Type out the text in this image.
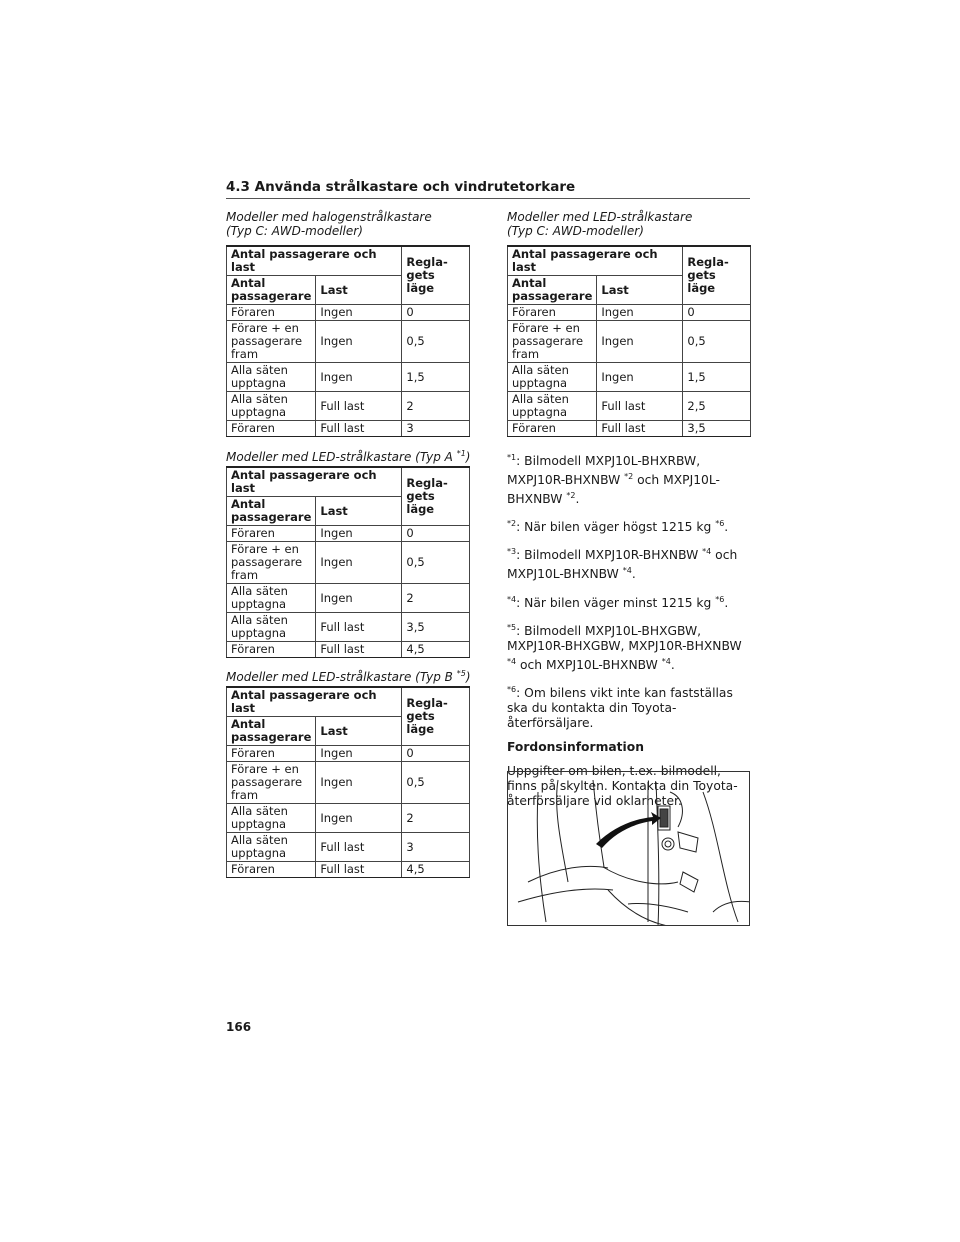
4.3 Använda strålkastare och vindrutetorkare
Modeller med halogenstrålkastare
(Typ C: AWD-modeller)
Antal passagerare och last		Regla-gets läge
Antal passagerare	Last	
Föraren	Ingen	0
Förare + en passagerare fram	Ingen	0,5
Alla säten upptagna	Ingen	1,5
Alla säten upptagna	Full last	2
Föraren	Full last	3
Modeller med LED-strålkastare (Typ A $^{*1}$)
Antal passagerare och last		Regla-gets läge
Antal passagerare	Last	
Föraren	Ingen	0
Förare + en passagerare fram	Ingen	0,5
Alla säten upptagna	Ingen	2
Alla säten upptagna	Full last	3,5
Föraren	Full last	4,5
Modeller med LED-strålkastare (Typ B $^{*5}$)
Antal passagerare och last		Regla-gets läge
Antal passagerare	Last	
Föraren	Ingen	0
Förare + en passagerare fram	Ingen	0,5
Alla säten upptagna	Ingen	2
Alla säten upptagna	Full last	3
Föraren	Full last	4,5
Modeller med LED-strålkastare
(Typ C: AWD-modeller)
Antal passagerare och last		Regla-gets läge
Antal passagerare	Last	
Föraren	Ingen	0
Förare + en passagerare fram	Ingen	0,5
Alla säten upptagna	Ingen	1,5
Alla säten upptagna	Full last	2,5
Föraren	Full last	3,5

$^{*1}$: Bilmodell MXPJ10L-BHXRBW, MXPJ10R-BHXNBW $^{*2}$ och MXPJ10L-BHXNBW $^{*2}$.

$^{*2}$: När bilen väger högst 1215 kg $^{*6}$.

$^{*3}$: Bilmodell MXPJ10R-BHXNBW $^{*4}$ och MXPJ10L-BHXNBW $^{*4}$.

$^{*4}$: När bilen väger minst 1215 kg $^{*6}$.

$^{*5}$: Bilmodell MXPJ10L-BHXGBW, MXPJ10R-BHXGBW, MXPJ10R-BHXNBW $^{*4}$ och MXPJ10L-BHXNBW $^{*4}$.

$^{*6}$: Om bilens vikt inte kan fastställas ska du kontakta din Toyota-återförsäljare.

Fordonsinformation

Uppgifter om bilen, t.ex. bilmodell, finns på skylten. Kontakta din Toyota-återförsäljare vid oklarheter.

166
